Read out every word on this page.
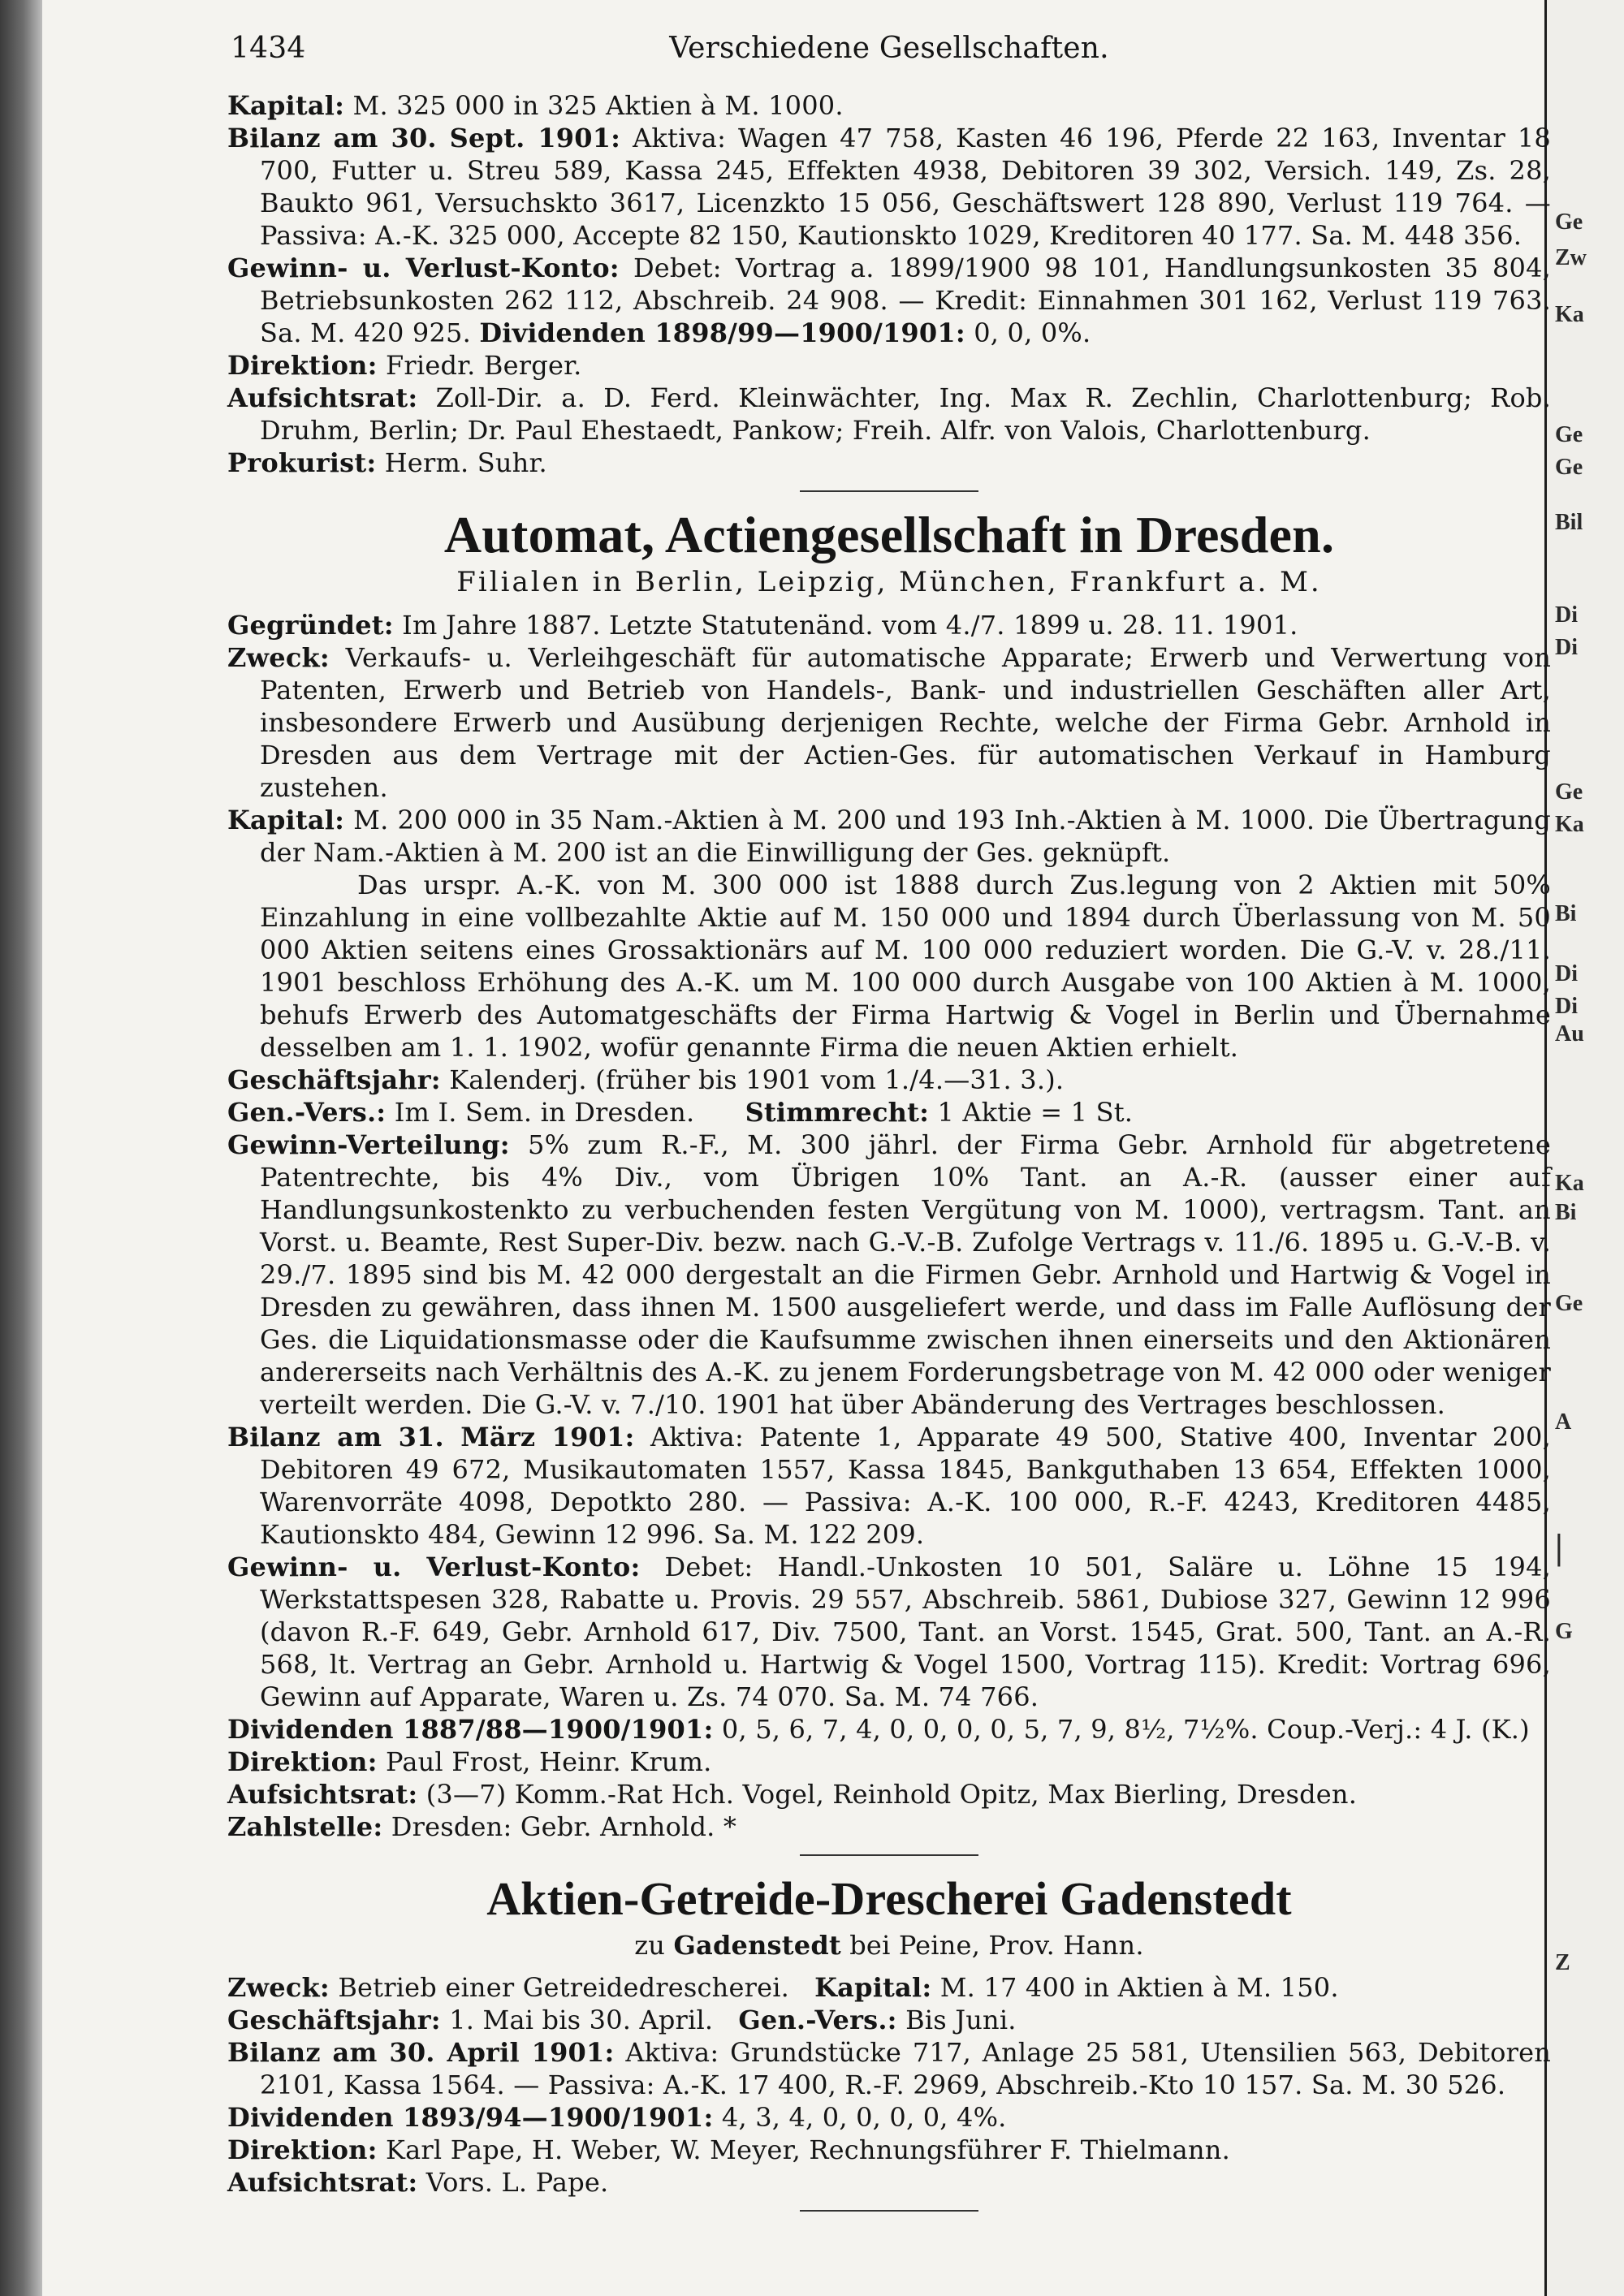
Ge
Zw
Ka
Ge
Ge
Bil
Di
Di
Ge
Ka
Bi
Di
Di
Au
Ka
Bi
Ge
A
|
G
Z
1434	Verschiedene Gesellschaften.

Kapital: M. 325 000 in 325 Aktien à M. 1000.

Bilanz am 30. Sept. 1901: Aktiva: Wagen 47 758, Kasten 46 196, Pferde 22 163, Inventar 18 700, Futter u. Streu 589, Kassa 245, Effekten 4938, Debitoren 39 302, Versich. 149, Zs. 28, Baukto 961, Versuchskto 3617, Licenzkto 15 056, Geschäftswert 128 890, Verlust 119 764. — Passiva: A.-K. 325 000, Accepte 82 150, Kautionskto 1029, Kreditoren 40 177. Sa. M. 448 356.

Gewinn- u. Verlust-Konto: Debet: Vortrag a. 1899/1900 98 101, Handlungsunkosten 35 804, Betriebsunkosten 262 112, Abschreib. 24 908. — Kredit: Einnahmen 301 162, Verlust 119 763. Sa. M. 420 925. Dividenden 1898/99—1900/1901: 0, 0, 0%.

Direktion: Friedr. Berger.

Aufsichtsrat: Zoll-Dir. a. D. Ferd. Kleinwächter, Ing. Max R. Zechlin, Charlottenburg; Rob. Druhm, Berlin; Dr. Paul Ehestaedt, Pankow; Freih. Alfr. von Valois, Charlottenburg.

Prokurist: Herm. Suhr.

Automat, Actiengesellschaft in Dresden.
Filialen in Berlin, Leipzig, München, Frankfurt a. M.

Gegründet: Im Jahre 1887. Letzte Statutenänd. vom 4./7. 1899 u. 28. 11. 1901.

Zweck: Verkaufs- u. Verleihgeschäft für automatische Apparate; Erwerb und Verwertung von Patenten, Erwerb und Betrieb von Handels-, Bank- und industriellen Geschäften aller Art, insbesondere Erwerb und Ausübung derjenigen Rechte, welche der Firma Gebr. Arnhold in Dresden aus dem Vertrage mit der Actien-Ges. für automatischen Verkauf in Hamburg zustehen.

Kapital: M. 200 000 in 35 Nam.-Aktien à M. 200 und 193 Inh.-Aktien à M. 1000. Die Übertragung der Nam.-Aktien à M. 200 ist an die Einwilligung der Ges. geknüpft.

Das urspr. A.-K. von M. 300 000 ist 1888 durch Zus.legung von 2 Aktien mit 50% Einzahlung in eine vollbezahlte Aktie auf M. 150 000 und 1894 durch Überlassung von M. 50 000 Aktien seitens eines Grossaktionärs auf M. 100 000 reduziert worden. Die G.-V. v. 28./11. 1901 beschloss Erhöhung des A.-K. um M. 100 000 durch Ausgabe von 100 Aktien à M. 1000, behufs Erwerb des Automatgeschäfts der Firma Hartwig & Vogel in Berlin und Übernahme desselben am 1. 1. 1902, wofür genannte Firma die neuen Aktien erhielt.

Geschäftsjahr: Kalenderj. (früher bis 1901 vom 1./4.—31. 3.).

Gen.-Vers.: Im I. Sem. in Dresden. Stimmrecht: 1 Aktie = 1 St.

Gewinn-Verteilung: 5% zum R.-F., M. 300 jährl. der Firma Gebr. Arnhold für abgetretene Patentrechte, bis 4% Div., vom Übrigen 10% Tant. an A.-R. (ausser einer auf Handlungsunkostenkto zu verbuchenden festen Vergütung von M. 1000), vertragsm. Tant. an Vorst. u. Beamte, Rest Super-Div. bezw. nach G.-V.-B. Zufolge Vertrags v. 11./6. 1895 u. G.-V.-B. v. 29./7. 1895 sind bis M. 42 000 dergestalt an die Firmen Gebr. Arnhold und Hartwig & Vogel in Dresden zu gewähren, dass ihnen M. 1500 ausgeliefert werde, und dass im Falle Auflösung der Ges. die Liquidationsmasse oder die Kaufsumme zwischen ihnen einerseits und den Aktionären andererseits nach Verhältnis des A.-K. zu jenem Forderungsbetrage von M. 42 000 oder weniger verteilt werden. Die G.-V. v. 7./10. 1901 hat über Abänderung des Vertrages beschlossen.

Bilanz am 31. März 1901: Aktiva: Patente 1, Apparate 49 500, Stative 400, Inventar 200, Debitoren 49 672, Musikautomaten 1557, Kassa 1845, Bankguthaben 13 654, Effekten 1000, Warenvorräte 4098, Depotkto 280. — Passiva: A.-K. 100 000, R.-F. 4243, Kreditoren 4485, Kautionskto 484, Gewinn 12 996. Sa. M. 122 209.

Gewinn- u. Verlust-Konto: Debet: Handl.-Unkosten 10 501, Saläre u. Löhne 15 194, Werkstattspesen 328, Rabatte u. Provis. 29 557, Abschreib. 5861, Dubiose 327, Gewinn 12 996 (davon R.-F. 649, Gebr. Arnhold 617, Div. 7500, Tant. an Vorst. 1545, Grat. 500, Tant. an A.-R. 568, lt. Vertrag an Gebr. Arnhold u. Hartwig & Vogel 1500, Vortrag 115). Kredit: Vortrag 696, Gewinn auf Apparate, Waren u. Zs. 74 070. Sa. M. 74 766.

Dividenden 1887/88—1900/1901: 0, 5, 6, 7, 4, 0, 0, 0, 0, 5, 7, 9, 8½, 7½%. Coup.-Verj.: 4 J. (K.)

Direktion: Paul Frost, Heinr. Krum.

Aufsichtsrat: (3—7) Komm.-Rat Hch. Vogel, Reinhold Opitz, Max Bierling, Dresden.

Zahlstelle: Dresden: Gebr. Arnhold. *

Aktien-Getreide-Drescherei Gadenstedt
zu Gadenstedt bei Peine, Prov. Hann.

Zweck: Betrieb einer Getreidedrescherei. Kapital: M. 17 400 in Aktien à M. 150.

Geschäftsjahr: 1. Mai bis 30. April. Gen.-Vers.: Bis Juni.

Bilanz am 30. April 1901: Aktiva: Grundstücke 717, Anlage 25 581, Utensilien 563, Debitoren 2101, Kassa 1564. — Passiva: A.-K. 17 400, R.-F. 2969, Abschreib.-Kto 10 157. Sa. M. 30 526.

Dividenden 1893/94—1900/1901: 4, 3, 4, 0, 0, 0, 0, 4%.

Direktion: Karl Pape, H. Weber, W. Meyer, Rechnungsführer F. Thielmann.

Aufsichtsrat: Vors. L. Pape.
